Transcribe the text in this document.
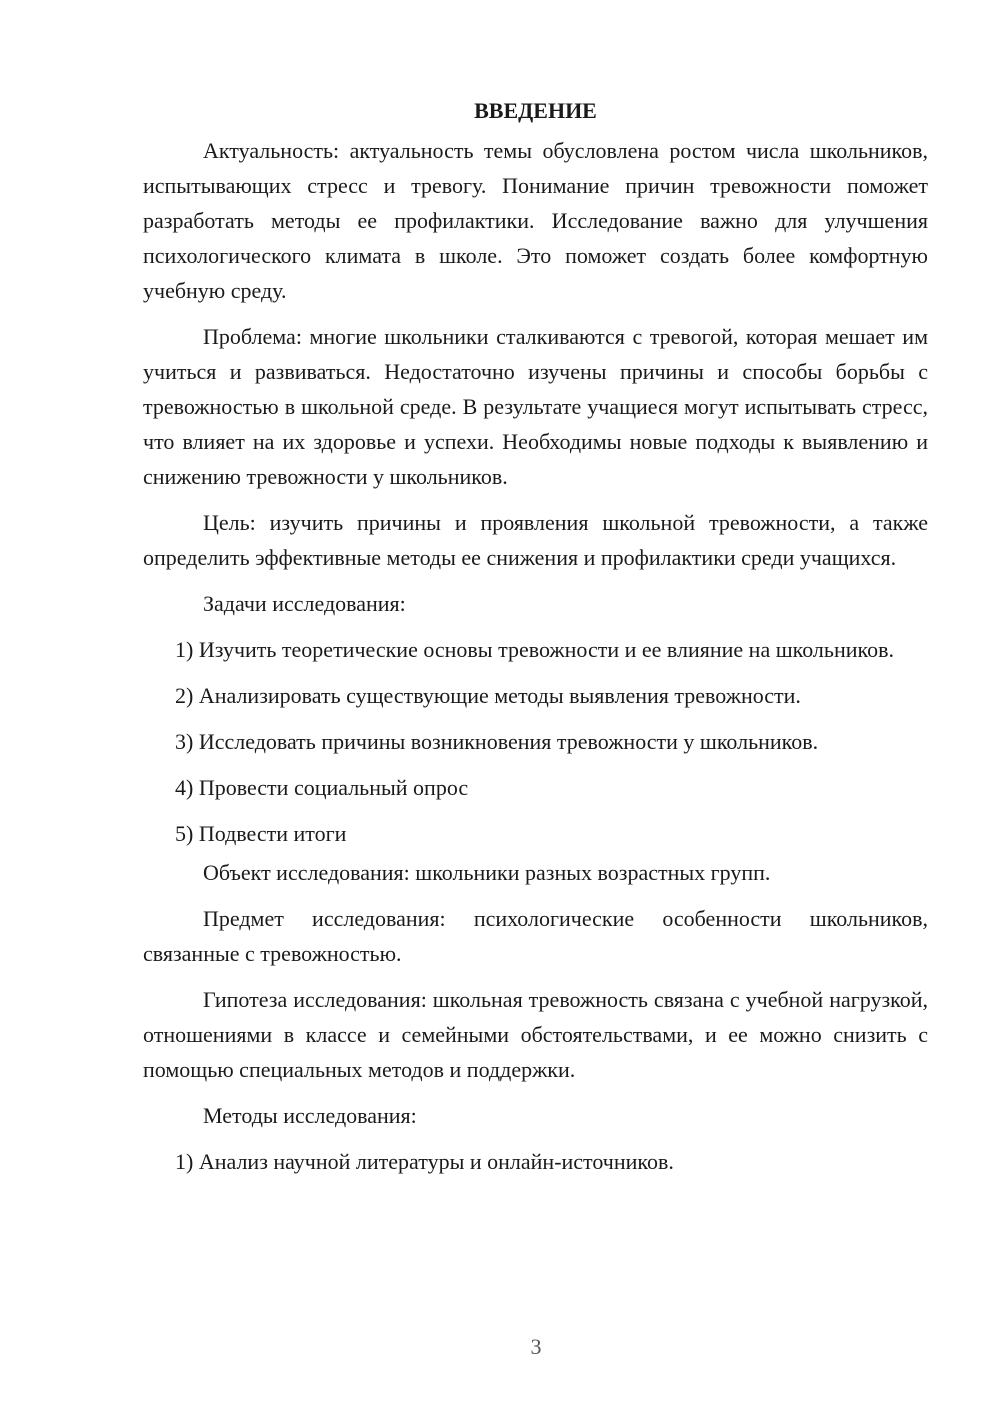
ВВЕДЕНИЕ

Актуальность: актуальность темы обусловлена ростом числа школьников, испытывающих стресс и тревогу. Понимание причин тревожности поможет разработать методы ее профилактики. Исследование важно для улучшения психологического климата в школе. Это поможет создать более комфортную учебную среду.

Проблема: многие школьники сталкиваются с тревогой, которая мешает им учиться и развиваться. Недостаточно изучены причины и способы борьбы с тревожностью в школьной среде. В результате учащиеся могут испытывать стресс, что влияет на их здоровье и успехи. Необходимы новые подходы к выявлению и снижению тревожности у школьников.

Цель: изучить причины и проявления школьной тревожности, а также определить эффективные методы ее снижения и профилактики среди учащихся.

Задачи исследования:

1) Изучить теоретические основы тревожности и ее влияние на школьников.

2) Анализировать существующие методы выявления тревожности.

3) Исследовать причины возникновения тревожности у школьников.

4) Провести социальный опрос

5) Подвести итоги

Объект исследования: школьники разных возрастных групп.

Предмет исследования: психологические особенности школьников, связанные с тревожностью.

Гипотеза исследования: школьная тревожность связана с учебной нагрузкой, отношениями в классе и семейными обстоятельствами, и ее можно снизить с помощью специальных методов и поддержки.

Методы исследования:

1) Анализ научной литературы и онлайн-источников.

3
